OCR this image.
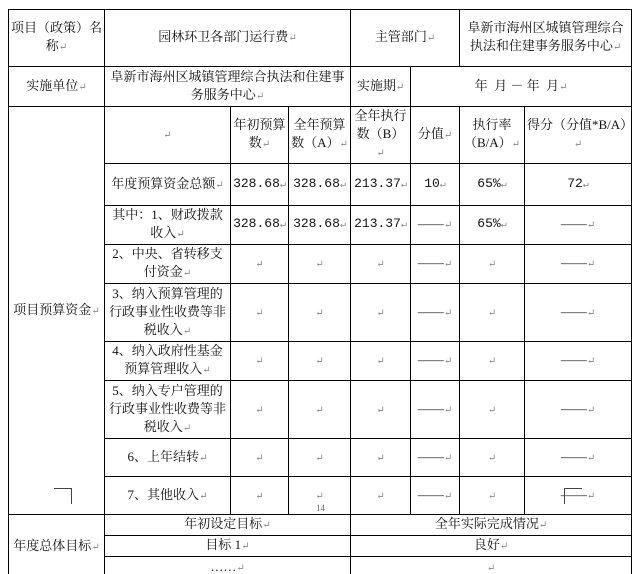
项目（政策）名称↵	园林环卫各部门运行费↵			主管部门↵		阜新市海州区城镇管理综合执法和住建事务服务中心↵	
实施单位↵	阜新市海州区城镇管理综合执法和住建事务服务中心↵			实施期↵	年  月 － 年  月↵		
项目预算资金↵	↵	年初预算数↵	全年预算数（A）↵	全年执行数（B）↵	分值↵	执行率（B/A）↵	得分（分值*B/A）↵
	年度预算资金总额↵	328.68↵	328.68↵	213.37↵	10↵	65%↵	72↵
	其中：1、财政拨款收入↵	328.68↵	328.68↵	213.37↵	——↵	65%↵	——↵
	2、中央、省转移支付资金↵	↵	↵	↵	——↵	↵	——↵
	3、纳入预算管理的行政事业性收费等非税收入↵	↵	↵	↵	——↵	↵	——↵
	4、纳入政府性基金预算管理收入↵	↵	↵	↵	——↵	↵	——↵
	5、纳入专户管理的行政事业性收费等非税收入↵	↵	↵	↵	——↵	↵	——↵
	6、上年结转↵	↵	↵	↵	——↵	↵	——↵
	7、其他收入↵	↵	↵	↵	——↵	↵	——↵
年度总体目标↵	年初设定目标↵			全年实际完成情况↵			
	目标 1↵			良好↵			
	……↵			↵			
14
